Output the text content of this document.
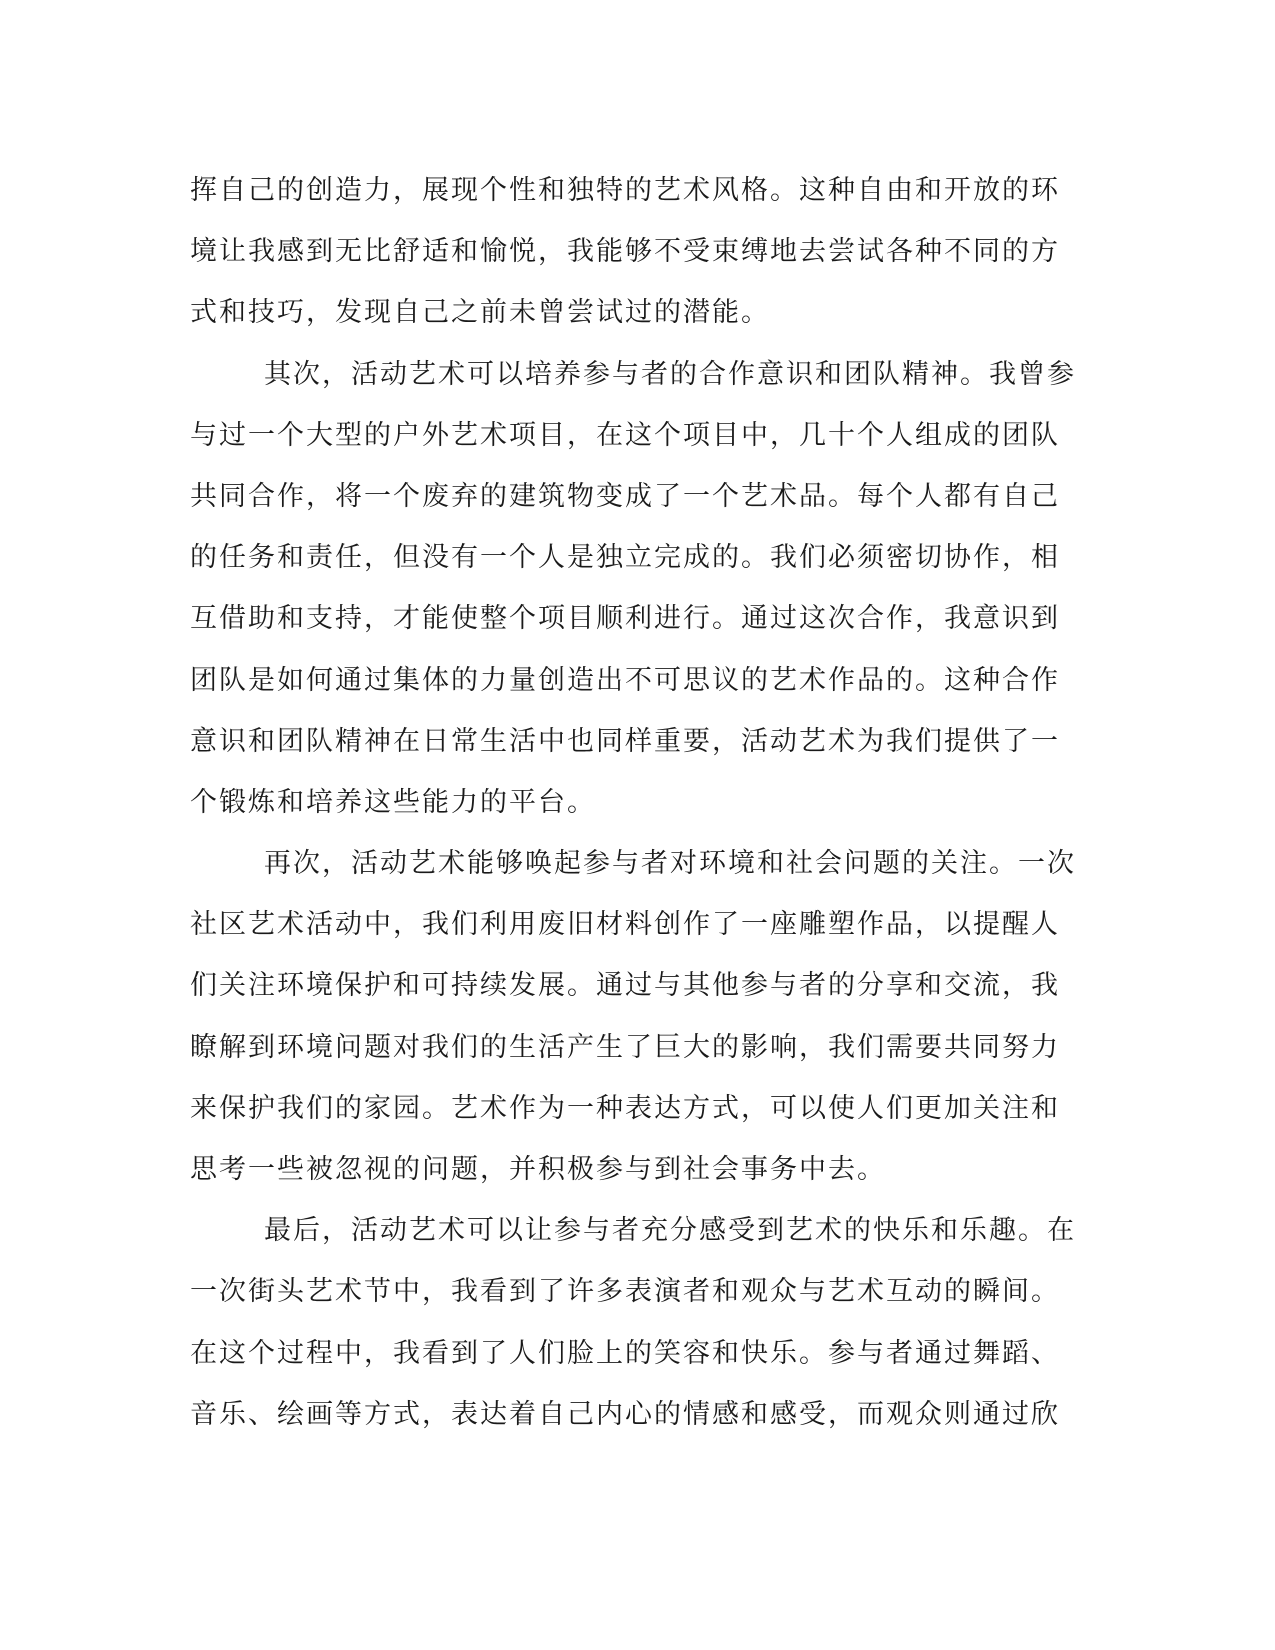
挥自己的创造力，展现个性和独特的艺术风格。这种自由和开放的环
境让我感到无比舒适和愉悦，我能够不受束缚地去尝试各种不同的方
式和技巧，发现自己之前未曾尝试过的潜能。
其次，活动艺术可以培养参与者的合作意识和团队精神。我曾参
与过一个大型的户外艺术项目，在这个项目中，几十个人组成的团队
共同合作，将一个废弃的建筑物变成了一个艺术品。每个人都有自己
的任务和责任，但没有一个人是独立完成的。我们必须密切协作，相
互借助和支持，才能使整个项目顺利进行。通过这次合作，我意识到
团队是如何通过集体的力量创造出不可思议的艺术作品的。这种合作
意识和团队精神在日常生活中也同样重要，活动艺术为我们提供了一
个锻炼和培养这些能力的平台。
再次，活动艺术能够唤起参与者对环境和社会问题的关注。一次
社区艺术活动中，我们利用废旧材料创作了一座雕塑作品，以提醒人
们关注环境保护和可持续发展。通过与其他参与者的分享和交流，我
瞭解到环境问题对我们的生活产生了巨大的影响，我们需要共同努力
来保护我们的家园。艺术作为一种表达方式，可以使人们更加关注和
思考一些被忽视的问题，并积极参与到社会事务中去。
最后，活动艺术可以让参与者充分感受到艺术的快乐和乐趣。在
一次街头艺术节中，我看到了许多表演者和观众与艺术互动的瞬间。
在这个过程中，我看到了人们脸上的笑容和快乐。参与者通过舞蹈、
音乐、绘画等方式，表达着自己内心的情感和感受，而观众则通过欣
